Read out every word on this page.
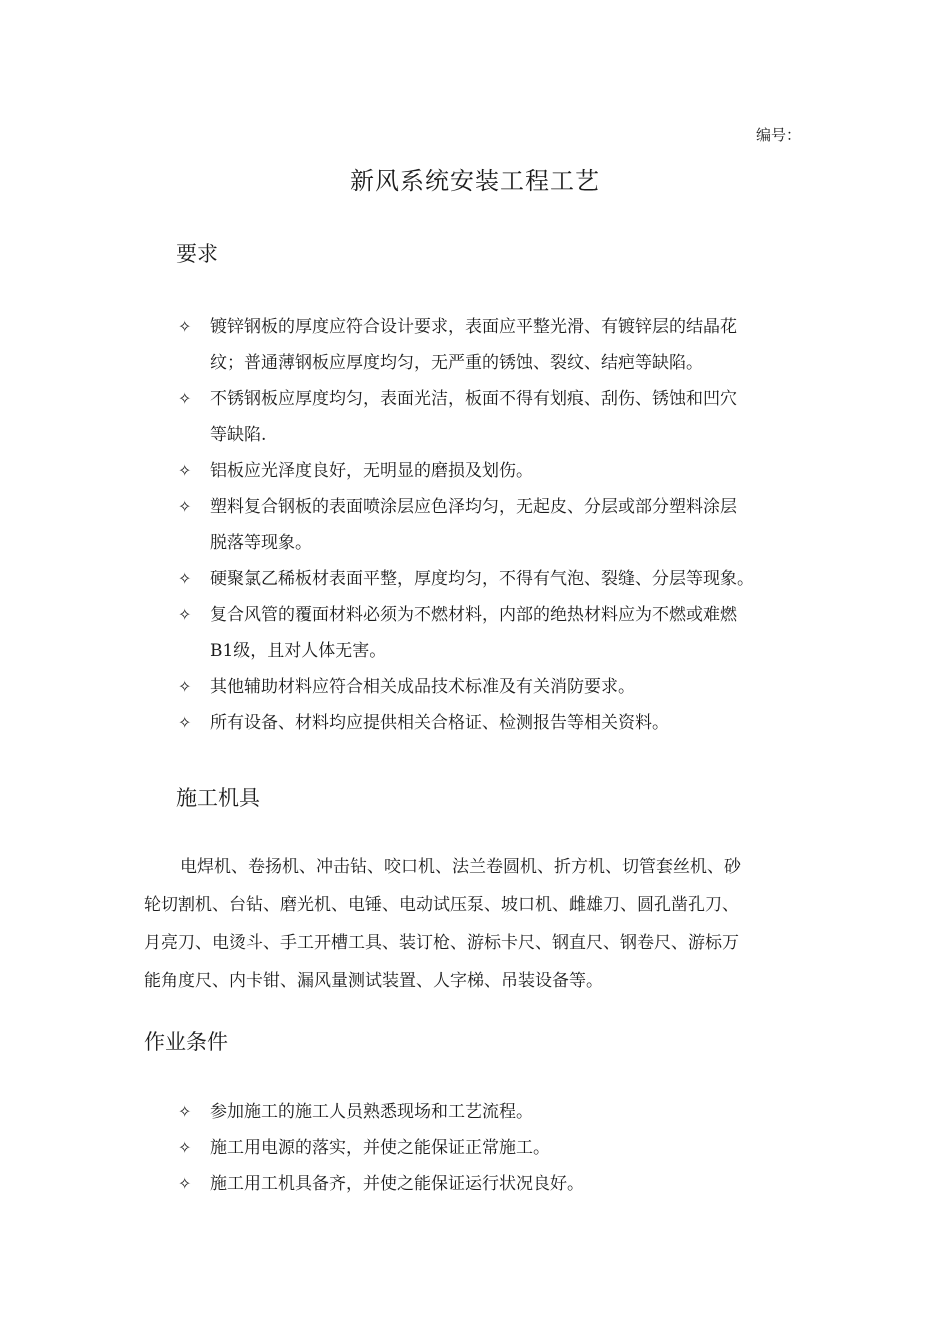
编号：
新风系统安装工程工艺
要求
✧ 镀锌钢板的厚度应符合设计要求，表面应平整光滑、有镀锌层的结晶花
纹；普通薄钢板应厚度均匀，无严重的锈蚀、裂纹、结疤等缺陷。
✧ 不锈钢板应厚度均匀，表面光洁，板面不得有划痕、刮伤、锈蚀和凹穴
等缺陷.
✧ 铝板应光泽度良好，无明显的磨损及划伤。
✧ 塑料复合钢板的表面喷涂层应色泽均匀，无起皮、分层或部分塑料涂层
脱落等现象。
✧ 硬聚氯乙稀板材表面平整，厚度均匀，不得有气泡、裂缝、分层等现象。
✧ 复合风管的覆面材料必须为不燃材料，内部的绝热材料应为不燃或难燃
B1级，且对人体无害。
✧ 其他辅助材料应符合相关成品技术标准及有关消防要求。
✧ 所有设备、材料均应提供相关合格证、检测报告等相关资料。
施工机具

电焊机、卷扬机、冲击钻、咬口机、法兰卷圆机、折方机、切管套丝机、砂
轮切割机、台钻、磨光机、电锤、电动试压泵、坡口机、雌雄刀、圆孔凿孔刀、
月亮刀、电烫斗、手工开槽工具、装订枪、游标卡尺、钢直尺、钢卷尺、游标万
能角度尺、内卡钳、漏风量测试装置、人字梯、吊装设备等。

作业条件
✧ 参加施工的施工人员熟悉现场和工艺流程。
✧ 施工用电源的落实，并使之能保证正常施工。
✧ 施工用工机具备齐，并使之能保证运行状况良好。
